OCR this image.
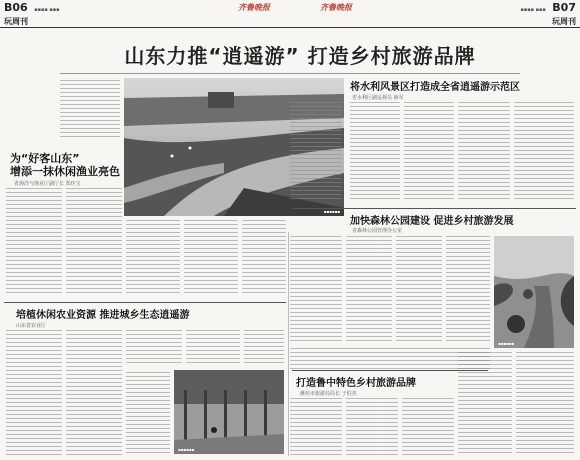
B06 ▪▪▪▪ ▪▪▪	齐鲁晚报	齐鲁晚报	▪▪▪▪ ▪▪▪ B07
玩周刊	玩周刊
山东力推“逍遥游” 打造乡村旅游品牌
▪▪▪▪▪▪
为“好客山东”
增添一抹休闲渔业亮色
省海洋与渔业厅副厅长 郑佳宝
将水利风景区打造成全省逍遥游示范区
省水利厅副巡视员 薛军
加快森林公园建设 促进乡村旅游发展
省森林公园管理办公室
▪▪▪▪▪▪
培植休闲农业资源 推进城乡生态逍遥游
山东省农业厅
▪▪▪▪▪▪
打造鲁中特色乡村旅游品牌
潍坊市旅游局局长 于伯杰
